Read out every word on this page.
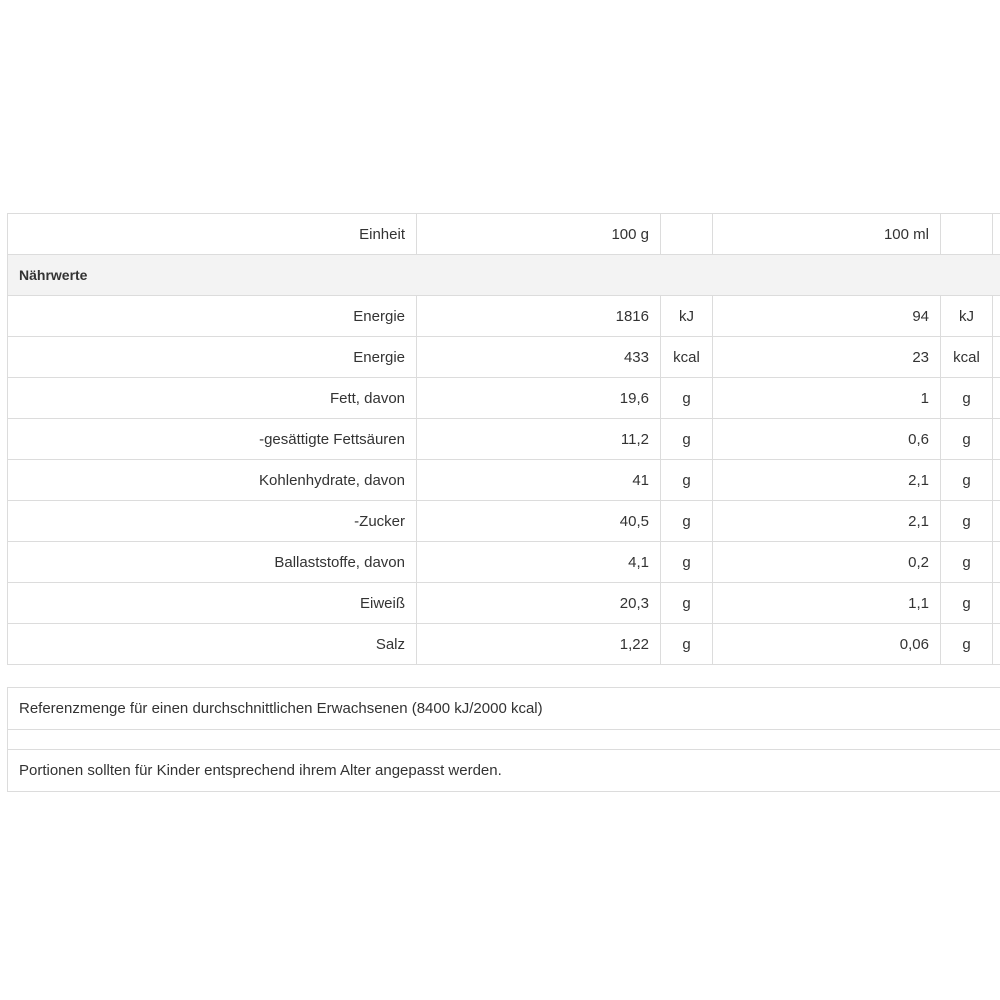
Einheit	100 g		100 ml		
Nährwerte					
Energie	1816	kJ	94	kJ	
Energie	433	kcal	23	kcal	
Fett, davon	19,6	g	1	g	
-gesättigte Fettsäuren	11,2	g	0,6	g	
Kohlenhydrate, davon	41	g	2,1	g	
-Zucker	40,5	g	2,1	g	
Ballaststoffe, davon	4,1	g	0,2	g	
Eiweiß	20,3	g	1,1	g	
Salz	1,22	g	0,06	g	
Referenzmenge für einen durchschnittlichen Erwachsenen (8400 kJ/2000 kcal)
Portionen sollten für Kinder entsprechend ihrem Alter angepasst werden.
